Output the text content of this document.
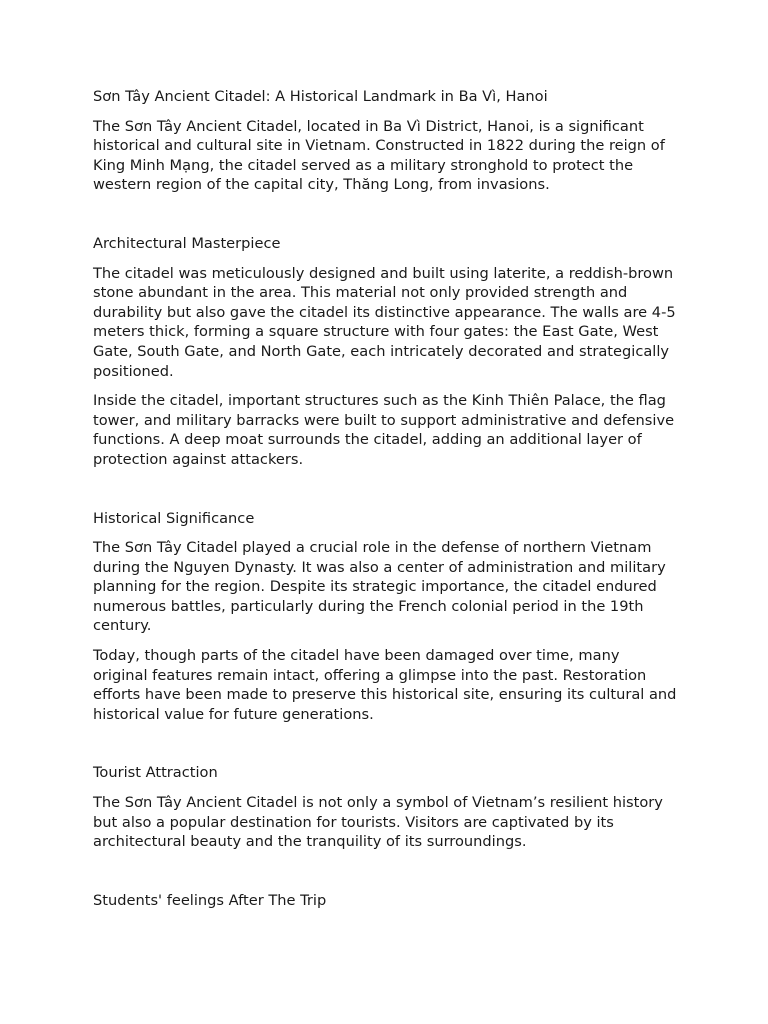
Sơn Tây Ancient Citadel: A Historical Landmark in Ba Vì, Hanoi

The Sơn Tây Ancient Citadel, located in Ba Vì District, Hanoi, is a significant historical and cultural site in Vietnam. Constructed in 1822 during the reign of King Minh Mạng, the citadel served as a military stronghold to protect the western region of the capital city, Thăng Long, from invasions.

Architectural Masterpiece

The citadel was meticulously designed and built using laterite, a reddish-brown stone abundant in the area. This material not only provided strength and durability but also gave the citadel its distinctive appearance. The walls are 4-5 meters thick, forming a square structure with four gates: the East Gate, West Gate, South Gate, and North Gate, each intricately decorated and strategically positioned.

Inside the citadel, important structures such as the Kinh Thiên Palace, the flag tower, and military barracks were built to support administrative and defensive functions. A deep moat surrounds the citadel, adding an additional layer of protection against attackers.

Historical Significance

The Sơn Tây Citadel played a crucial role in the defense of northern Vietnam during the Nguyen Dynasty. It was also a center of administration and military planning for the region. Despite its strategic importance, the citadel endured numerous battles, particularly during the French colonial period in the 19th century.

Today, though parts of the citadel have been damaged over time, many original features remain intact, offering a glimpse into the past. Restoration efforts have been made to preserve this historical site, ensuring its cultural and historical value for future generations.

Tourist Attraction

The Sơn Tây Ancient Citadel is not only a symbol of Vietnam’s resilient history but also a popular destination for tourists. Visitors are captivated by its architectural beauty and the tranquility of its surroundings.

Students' feelings After The Trip
